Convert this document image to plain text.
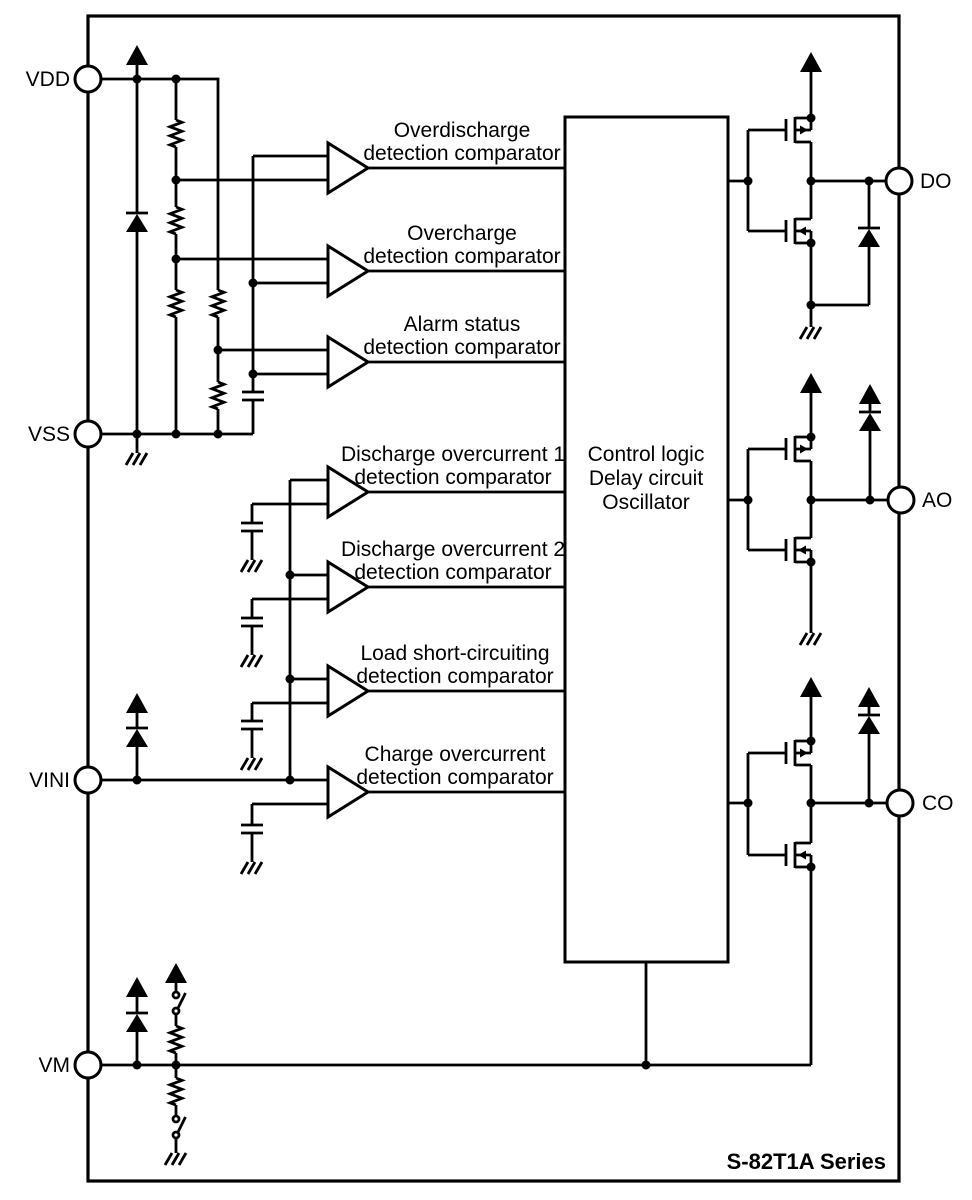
VDD
VSS
VINI
VM
DO
AO
CO
Overdischarge
detection comparator
Overcharge
detection comparator
Alarm status
detection comparator
Discharge overcurrent 1
detection comparator
Discharge overcurrent 2
detection comparator
Load short-circuiting
detection comparator
Charge overcurrent
detection comparator
Control logic
Delay circuit
Oscillator
S-82T1A Series
